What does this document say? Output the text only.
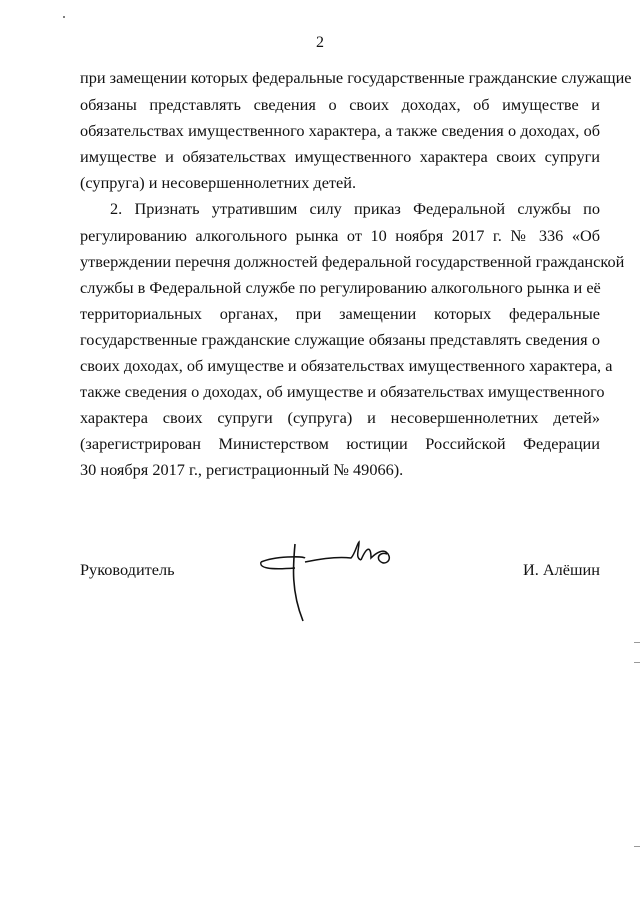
2
при замещении которых федеральные государственные гражданские служащие
обязаны представлять сведения о своих доходах, об имуществе и
обязательствах имущественного характера, а также сведения о доходах, об
имуществе и обязательствах имущественного характера своих супруги
(супруга) и несовершеннолетних детей.
2. Признать утратившим силу приказ Федеральной службы по
регулированию алкогольного рынка от 10 ноября 2017 г. № 336 «Об
утверждении перечня должностей федеральной государственной гражданской
службы в Федеральной службе по регулированию алкогольного рынка и её
территориальных органах, при замещении которых федеральные
государственные гражданские служащие обязаны представлять сведения о
своих доходах, об имуществе и обязательствах имущественного характера, а
также сведения о доходах, об имуществе и обязательствах имущественного
характера своих супруги (супруга) и несовершеннолетних детей»
(зарегистрирован Министерством юстиции Российской Федерации
30 ноября 2017 г., регистрационный № 49066).
Руководитель	И. Алёшин
